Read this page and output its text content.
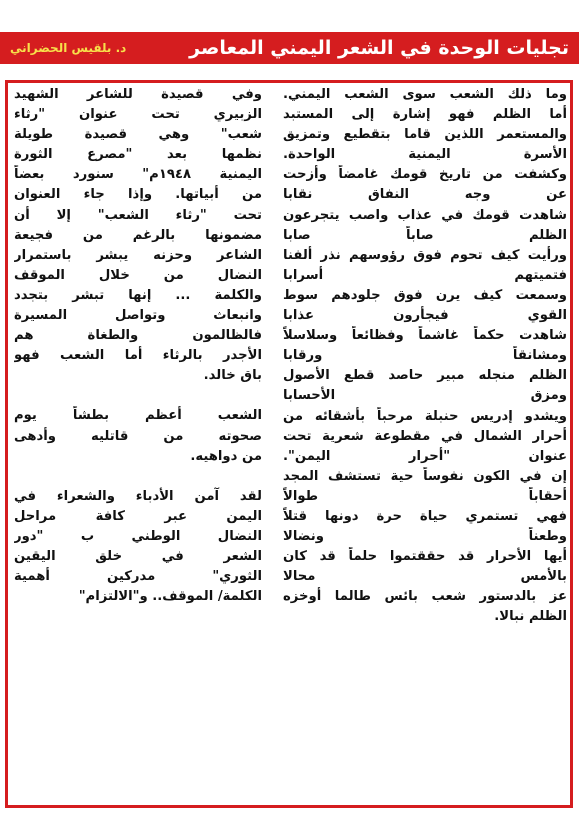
تجليات الوحدة في الشعر اليمني المعاصر
د. بلقيس الحضراني

وما ذلك الشعب سوى الشعب اليمني.
أما الظلم فهو إشارة إلى المستبد
والمستعمر اللذين قاما بتقطيع وتمزيق
الأسرة اليمنية الواحدة.
وكشفت من تاريخ قومك غامضاً وأزحت
عن وجه النفاق نقابا
شاهدت قومك في عذاب واصب يتجرعون
الظلم صاباً صابا
ورأيت كيف تحوم فوق رؤوسهم نذر ألفنا
فتميتهم أسرابا
وسمعت كيف يرن فوق جلودهم سوط
القوي فيجأرون عذابا
شاهدت حكماً غاشماً وفظائعاً وسلاسلاً
ومشانقاً ورقابا
الظلم منجله مبير حاصد قطع الأصول
ومزق الأحسابا
ويشدو إدريس حنبلة مرحباً بأشقائه من
أحرار الشمال في مقطوعة شعرية تحت
عنوان "أحرار اليمن".
إن في الكون نفوساً حية تستشف المجد
أحقاباً طوالاً
فهي تستمري حياة حرة دونها قتلاً
وطعناً ونضالا
أيها الأحرار قد حققتموا حلماً قد كان
بالأمس محالا
عز بالدستور شعب بائس طالما أوخزه
الظلم نبالا.

وفي قصيدة للشاعر الشهيد
الزبيري تحت عنوان "رثاء
شعب" وهي قصيدة طويلة
نظمها بعد "مصرع الثورة
اليمنية ١٩٤٨م" سنورد بعضاً
من أبياتها. وإذا جاء العنوان
تحت "رثاء الشعب" إلا أن
مضمونها بالرغم من فجيعة
الشاعر وحزنه يبشر باستمرار
النضال من خلال الموقف
والكلمة ... إنها تبشر بتجدد
وانبعاث وتواصل المسيرة
فالظالمون والطغاة هم
الأجدر بالرثاء أما الشعب فهو
باق خالد.

الشعب أعظم بطشاً يوم
صحوته من قاتليه وأدهى
من دواهيه.

لقد آمن الأدباء والشعراء في
اليمن عبر كافة مراحل
النضال الوطني ب "دور
الشعر في خلق اليقين
الثوري" مدركين أهمية
الكلمة/ الموقف.. و"الالتزام"
